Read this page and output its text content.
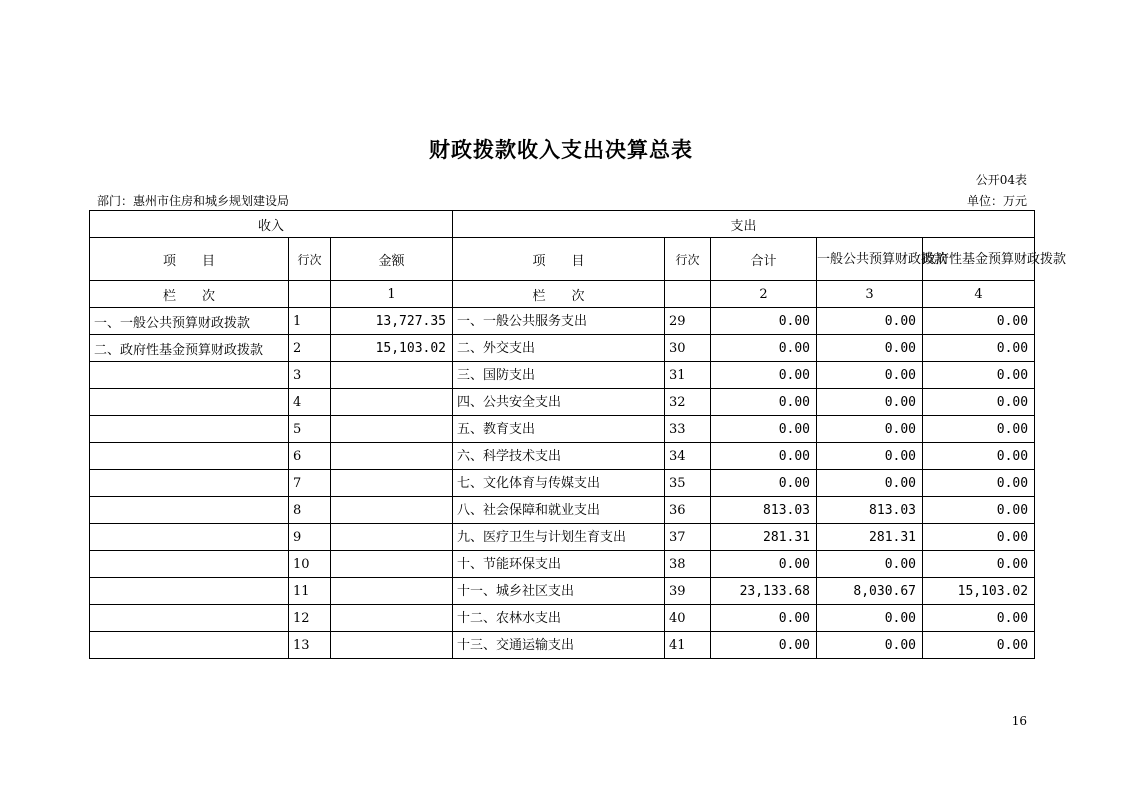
财政拨款收入支出决算总表
公开04表
部门：惠州市住房和城乡规划建设局	单位：万元
收入			支出				
项　　目	行次	金额	项　　目	行次	合计	一般公共预算财政拨款	政府性基金预算财政拨款
栏　　次		1	栏　　次		2	3	4
一、一般公共预算财政拨款	1	13,727.35	一、一般公共服务支出	29	0.00	0.00	0.00
二、政府性基金预算财政拨款	2	15,103.02	二、外交支出	30	0.00	0.00	0.00
	3		三、国防支出	31	0.00	0.00	0.00
	4		四、公共安全支出	32	0.00	0.00	0.00
	5		五、教育支出	33	0.00	0.00	0.00
	6		六、科学技术支出	34	0.00	0.00	0.00
	7		七、文化体育与传媒支出	35	0.00	0.00	0.00
	8		八、社会保障和就业支出	36	813.03	813.03	0.00
	9		九、医疗卫生与计划生育支出	37	281.31	281.31	0.00
	10		十、节能环保支出	38	0.00	0.00	0.00
	11		十一、城乡社区支出	39	23,133.68	8,030.67	15,103.02
	12		十二、农林水支出	40	0.00	0.00	0.00
	13		十三、交通运输支出	41	0.00	0.00	0.00
16
